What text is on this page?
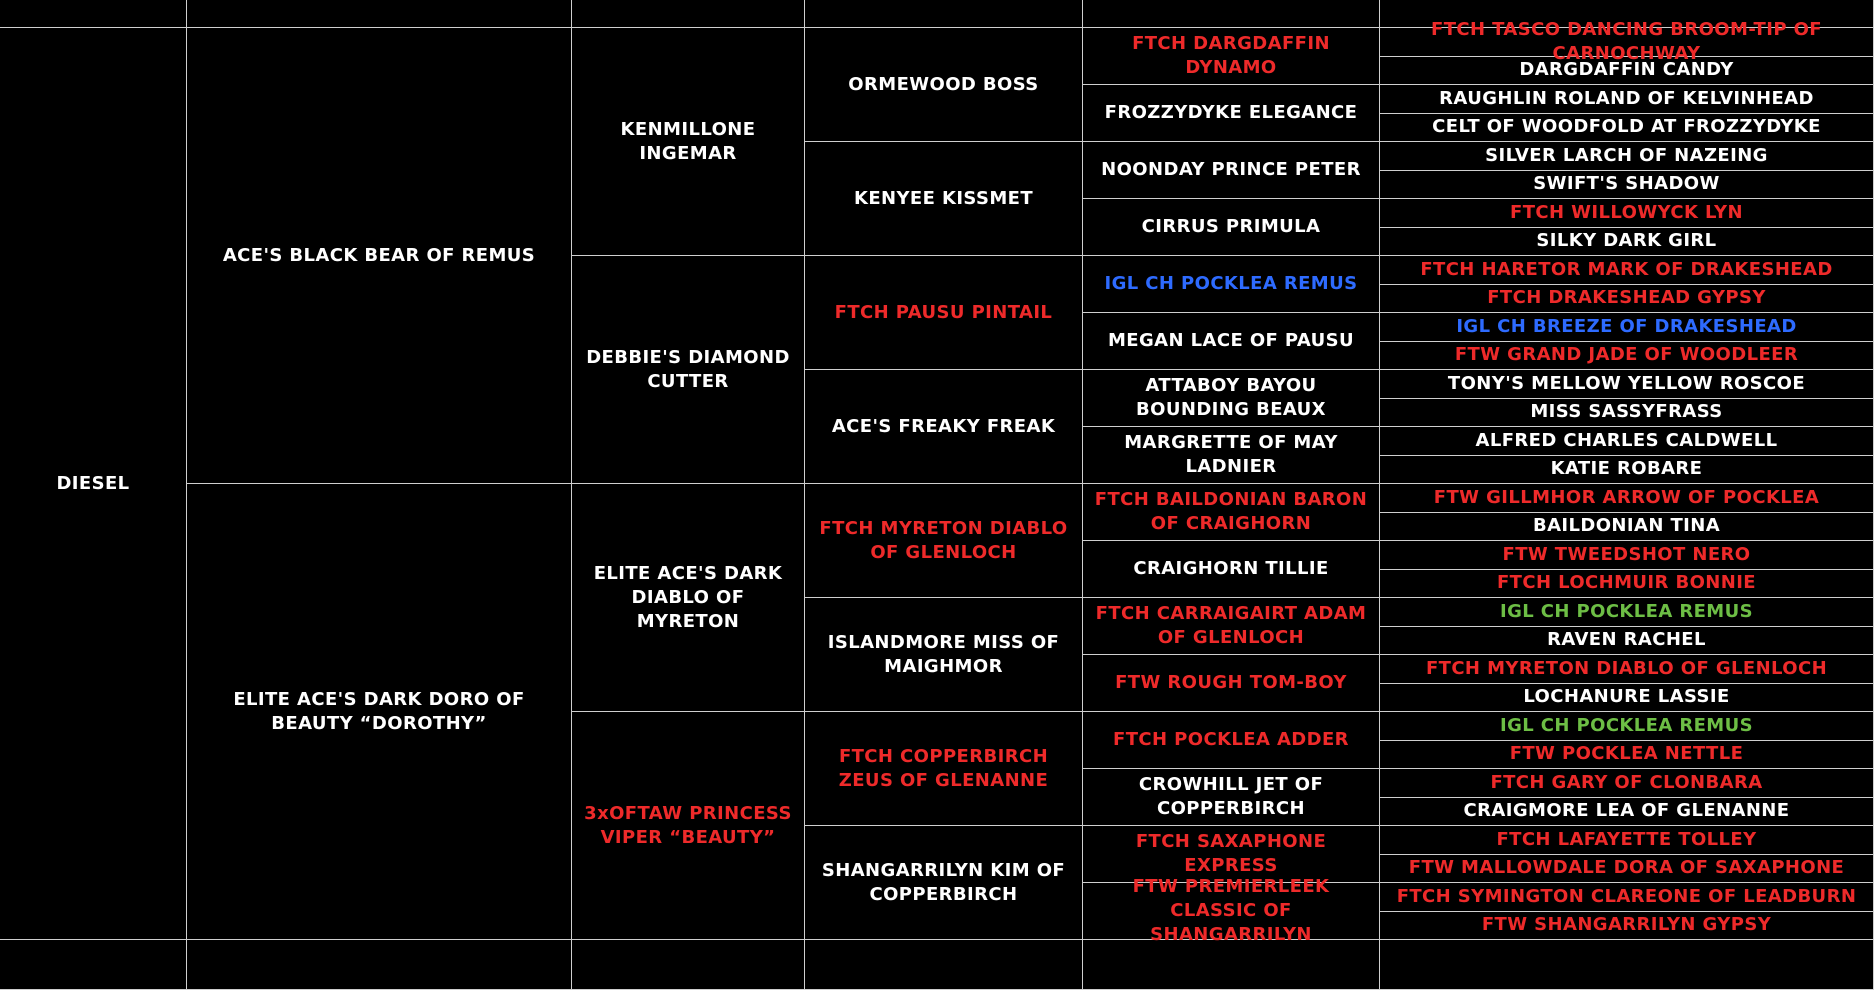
DIESEL
ACE'S BLACK BEAR OF REMUS
ELITE ACE'S DARK DORO OF BEAUTY “DOROTHY”
KENMILLONE INGEMAR
DEBBIE'S DIAMOND CUTTER
ELITE ACE'S DARK DIABLO OF MYRETON
3xOFTAW PRINCESS VIPER “BEAUTY”
ORMEWOOD BOSS
KENYEE KISSMET
FTCH PAUSU PINTAIL
ACE'S FREAKY FREAK
FTCH MYRETON DIABLO OF GLENLOCH
ISLANDMORE MISS OF MAIGHMOR
FTCH COPPERBIRCH ZEUS OF GLENANNE
SHANGARRILYN KIM OF COPPERBIRCH
FTCH DARGDAFFIN DYNAMO
FROZZYDYKE ELEGANCE
NOONDAY PRINCE PETER
CIRRUS PRIMULA
IGL CH POCKLEA REMUS
MEGAN LACE OF PAUSU
ATTABOY BAYOU BOUNDING BEAUX
MARGRETTE OF MAY LADNIER
FTCH BAILDONIAN BARON OF CRAIGHORN
CRAIGHORN TILLIE
FTCH CARRAIGAIRT ADAM OF GLENLOCH
FTW ROUGH TOM-BOY
FTCH POCKLEA ADDER
CROWHILL JET OF COPPERBIRCH
FTCH SAXAPHONE EXPRESS
FTW PREMIERLEEK CLASSIC OF SHANGARRILYN
FTCH TASCO DANCING BROOM-TIP OF CARNOCHWAY
DARGDAFFIN CANDY
RAUGHLIN ROLAND OF KELVINHEAD
CELT OF WOODFOLD AT FROZZYDYKE
SILVER LARCH OF NAZEING
SWIFT'S SHADOW
FTCH WILLOWYCK LYN
SILKY DARK GIRL
FTCH HARETOR MARK OF DRAKESHEAD
FTCH DRAKESHEAD GYPSY
IGL CH BREEZE OF DRAKESHEAD
FTW GRAND JADE OF WOODLEER
TONY'S MELLOW YELLOW ROSCOE
MISS SASSYFRASS
ALFRED CHARLES CALDWELL
KATIE ROBARE
FTW GILLMHOR ARROW OF POCKLEA
BAILDONIAN TINA
FTW TWEEDSHOT NERO
FTCH LOCHMUIR BONNIE
IGL CH POCKLEA REMUS
RAVEN RACHEL
FTCH MYRETON DIABLO OF GLENLOCH
LOCHANURE LASSIE
IGL CH POCKLEA REMUS
FTW POCKLEA NETTLE
FTCH GARY OF CLONBARA
CRAIGMORE LEA OF GLENANNE
FTCH LAFAYETTE TOLLEY
FTW MALLOWDALE DORA OF SAXAPHONE
FTCH SYMINGTON CLAREONE OF LEADBURN
FTW SHANGARRILYN GYPSY
